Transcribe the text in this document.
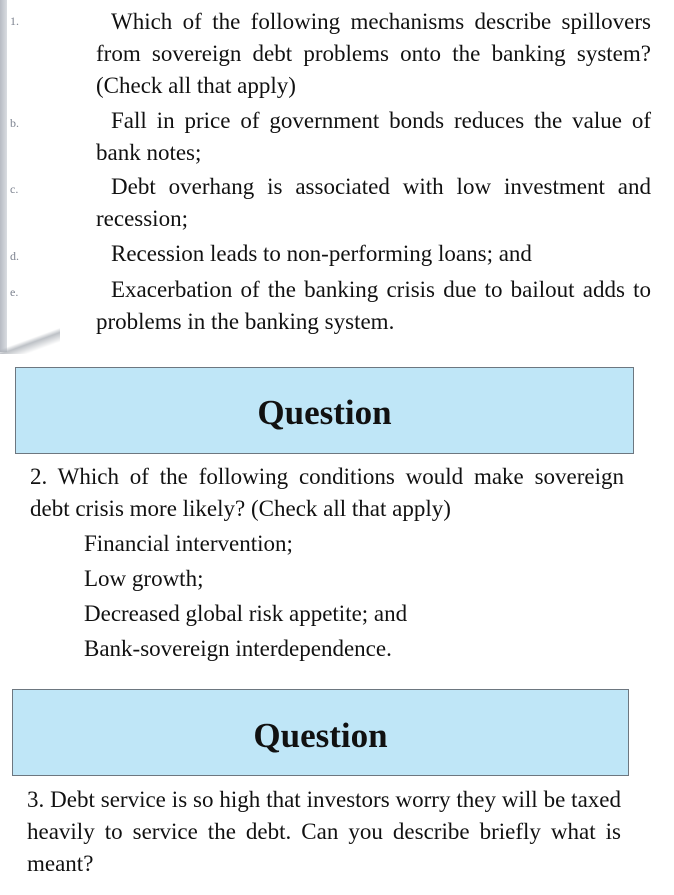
1.	Which of the following mechanisms describe spillovers from sovereign debt problems onto the banking system? (Check all that apply)

b.	Fall in price of government bonds reduces the value of bank notes;

c.	Debt overhang is associated with low investment and recession;

d.	Recession leads to non-performing loans; and

e.	Exacerbation of the banking crisis due to bailout adds to problems in the banking system.

Question

2. Which of the following conditions would make sovereign debt crisis more likely? (Check all that apply)

Financial intervention;

Low growth;

Decreased global risk appetite; and

Bank-sovereign interdependence.

Question

3. Debt service is so high that investors worry they will be taxed heavily to service the debt. Can you describe briefly what is meant?
